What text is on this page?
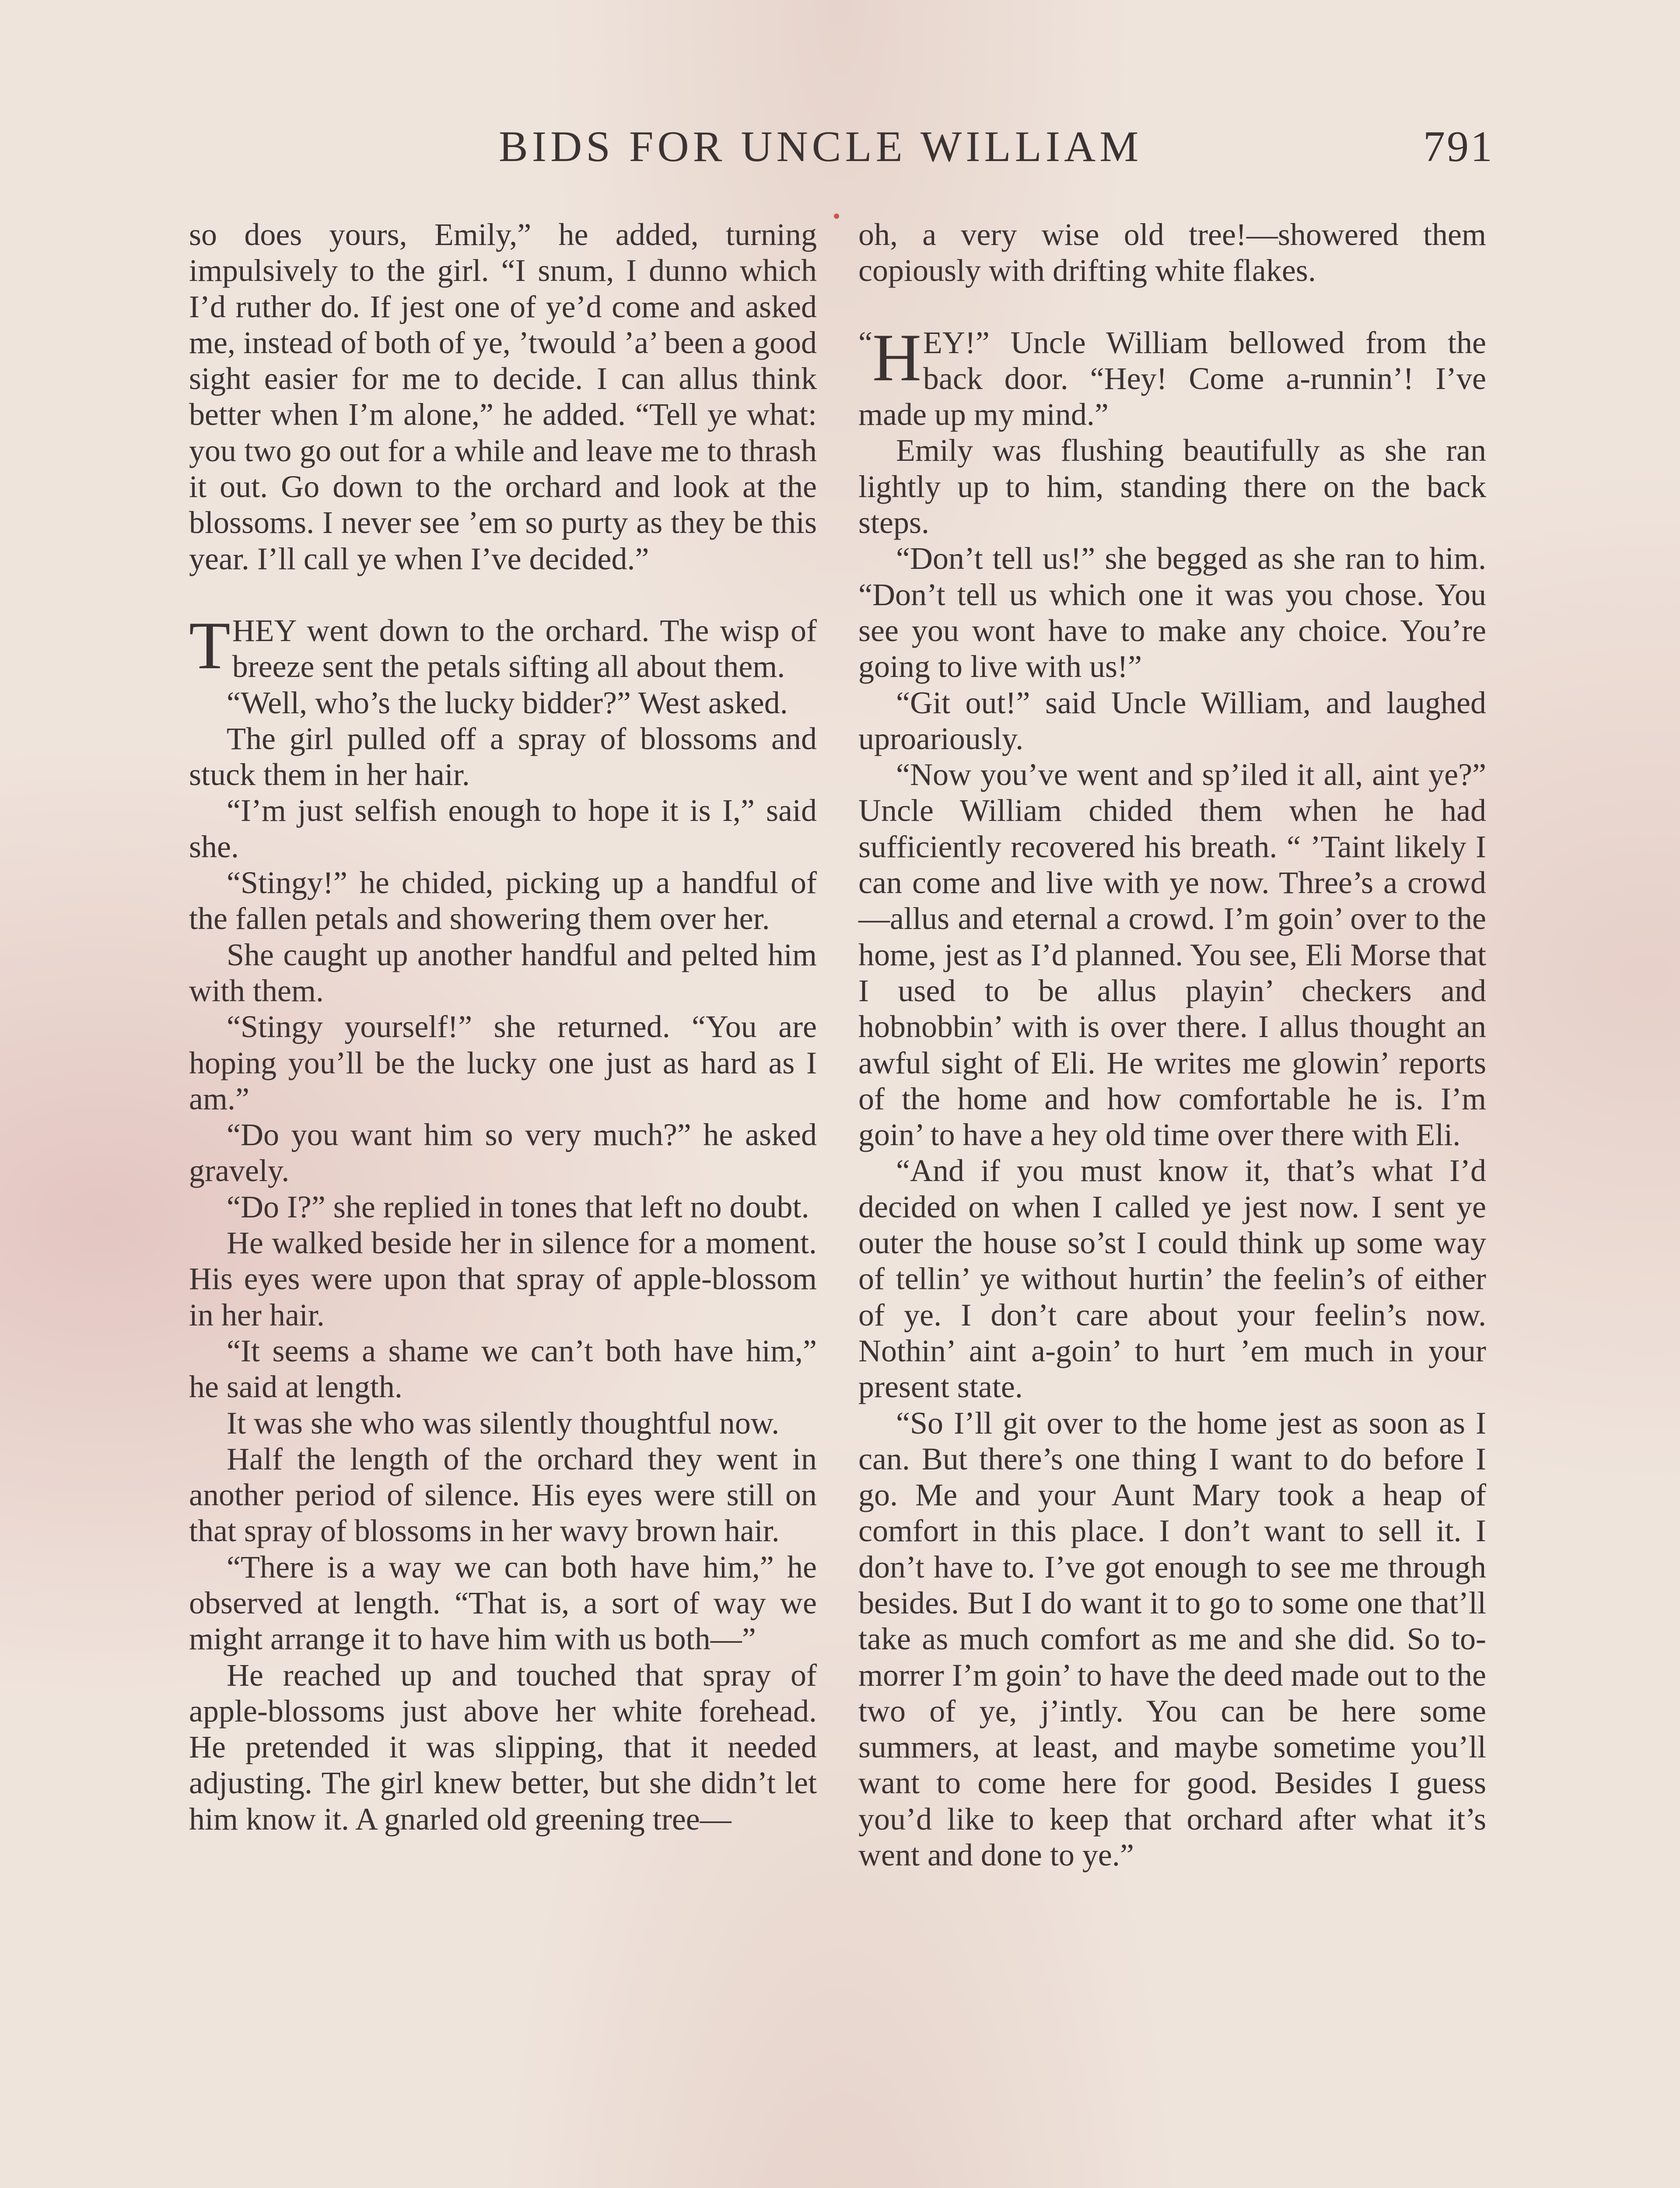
BIDS FOR UNCLE WILLIAM	791

so does yours, Emily,” he added, turning impulsively to the girl. “I snum, I dunno which I’d ruther do. If jest one of ye’d come and asked me, instead of both of ye, ’twould ’a’ been a good sight easier for me to decide. I can allus think better when I’m alone,” he added. “Tell ye what: you two go out for a while and leave me to thrash it out. Go down to the orchard and look at the blossoms. I never see ’em so purty as they be this year. I’ll call ye when I’ve decided.”

THEY went down to the orchard. The wisp of breeze sent the petals sifting all about them.

“Well, who’s the lucky bidder?” West asked.

The girl pulled off a spray of blossoms and stuck them in her hair.

“I’m just selfish enough to hope it is I,” said she.

“Stingy!” he chided, picking up a handful of the fallen petals and showering them over her.

She caught up another handful and pelted him with them.

“Stingy yourself!” she returned. “You are hoping you’ll be the lucky one just as hard as I am.”

“Do you want him so very much?” he asked gravely.

“Do I?” she replied in tones that left no doubt.

He walked beside her in silence for a moment. His eyes were upon that spray of apple-blossom in her hair.

“It seems a shame we can’t both have him,” he said at length.

It was she who was silently thoughtful now.

Half the length of the orchard they went in another period of silence. His eyes were still on that spray of blossoms in her wavy brown hair.

“There is a way we can both have him,” he observed at length. “That is, a sort of way we might arrange it to have him with us both—”

He reached up and touched that spray of apple-blossoms just above her white forehead. He pretended it was slipping, that it needed adjusting. The girl knew better, but she didn’t let him know it. A gnarled old greening tree—

oh, a very wise old tree!—showered them copiously with drifting white flakes.

“ H EY!” Uncle William bellowed from the back door. “Hey! Come a-runnin’! I’ve made up my mind.”

Emily was flushing beautifully as she ran lightly up to him, standing there on the back steps.

“Don’t tell us!” she begged as she ran to him. “Don’t tell us which one it was you chose. You see you wont have to make any choice. You’re going to live with us!”

“Git out!” said Uncle William, and laughed uproariously.

“Now you’ve went and sp’iled it all, aint ye?” Uncle William chided them when he had sufficiently recovered his breath. “ ’Taint likely I can come and live with ye now. Three’s a crowd—allus and eternal a crowd. I’m goin’ over to the home, jest as I’d planned. You see, Eli Morse that I used to be allus playin’ checkers and hobnobbin’ with is over there. I allus thought an awful sight of Eli. He writes me glowin’ reports of the home and how comfortable he is. I’m goin’ to have a hey old time over there with Eli.

“And if you must know it, that’s what I’d decided on when I called ye jest now. I sent ye outer the house so’st I could think up some way of tellin’ ye without hurtin’ the feelin’s of either of ye. I don’t care about your feelin’s now. Nothin’ aint a-goin’ to hurt ’em much in your present state.

“So I’ll git over to the home jest as soon as I can. But there’s one thing I want to do before I go. Me and your Aunt Mary took a heap of comfort in this place. I don’t want to sell it. I don’t have to. I’ve got enough to see me through besides. But I do want it to go to some one that’ll take as much comfort as me and she did. So to-morrer I’m goin’ to have the deed made out to the two of ye, j’intly. You can be here some summers, at least, and maybe sometime you’ll want to come here for good. Besides I guess you’d like to keep that orchard after what it’s went and done to ye.”
